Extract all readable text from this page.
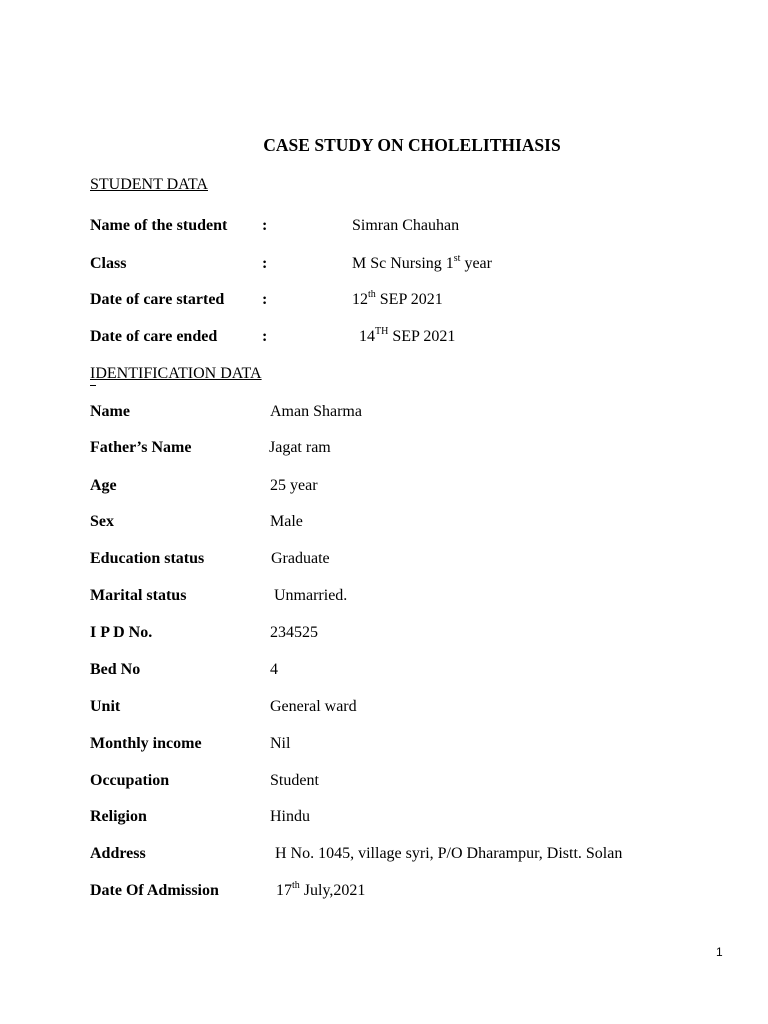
CASE STUDY ON CHOLELITHIASIS
STUDENT DATA
Name of the student :	Simran Chauhan
Class	:	M Sc Nursing 1st year
Date of care started :	12th SEP 2021
Date of care ended	:	14TH SEP 2021
IDENTIFICATION DATA
Name	Aman Sharma
Father’s Name	Jagat ram
Age	25 year
Sex	Male
Education status	Graduate
Marital status	Unmarried.
I P D No.	234525
Bed No	4
Unit	General ward
Monthly income	Nil
Occupation	Student
Religion	Hindu
Address	H No. 1045, village syri, P/O Dharampur, Distt. Solan
Date Of Admission	17th July,2021
1
